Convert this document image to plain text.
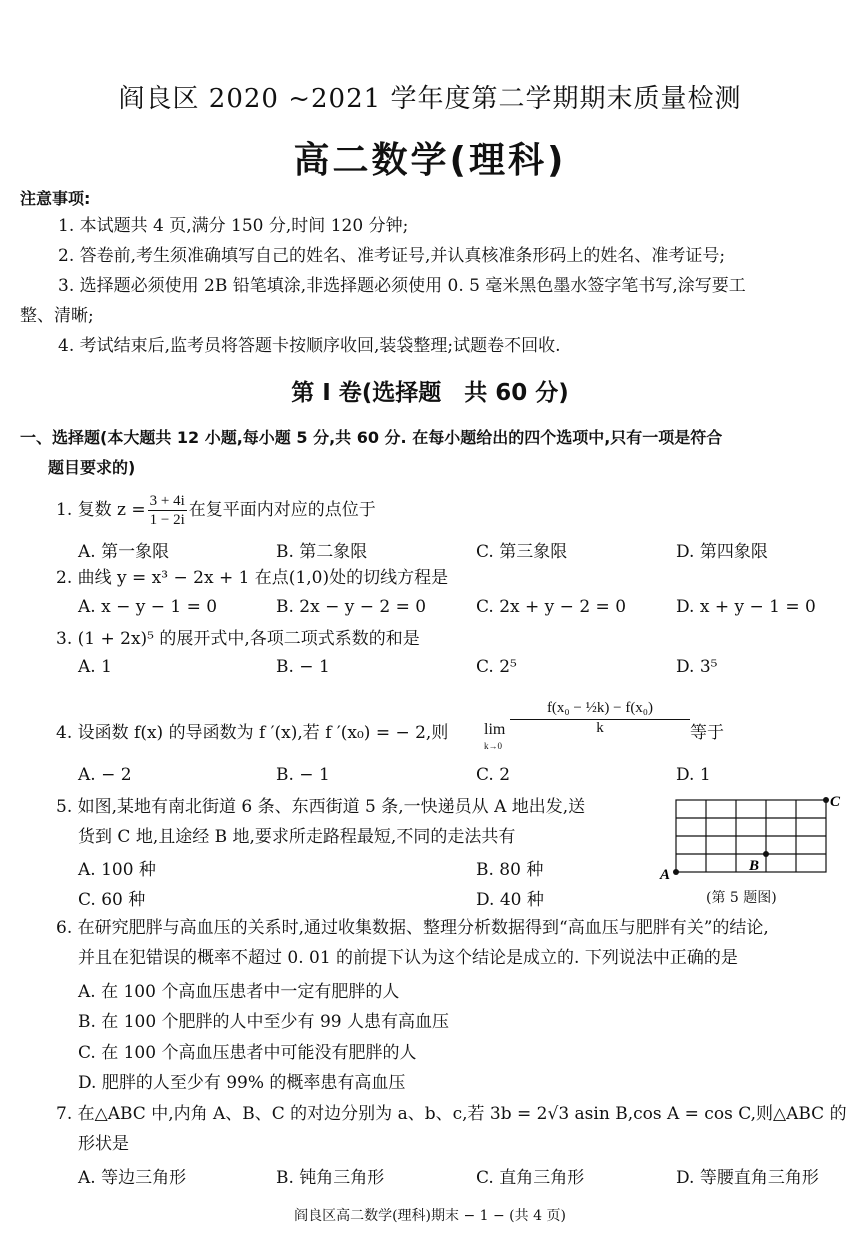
阎良区 2020 ~2021 学年度第二学期期末质量检测
高二数学(理科)
注意事项:
1. 本试题共 4 页,满分 150 分,时间 120 分钟;
2. 答卷前,考生须准确填写自己的姓名、准考证号,并认真核准条形码上的姓名、准考证号;
3. 选择题必须使用 2B 铅笔填涂,非选择题必须使用 0. 5 毫米黑色墨水签字笔书写,涂写要工
整、清晰;
4. 考试结束后,监考员将答题卡按顺序收回,装袋整理;试题卷不回收.
第 Ⅰ 卷(选择题　共 60 分)
一、选择题(本大题共 12 小题,每小题 5 分,共 60 分. 在每小题给出的四个选项中,只有一项是符合
题目要求的)
1. 复数 $z = \frac{3 + 4i}{1 - 2i}$ 在复平面内对应的点位于
A. 第一象限	B. 第二象限	C. 第三象限	D. 第四象限
2. 曲线 y = x³ − 2x + 1 在点(1,0)处的切线方程是
A. x − y − 1 = 0	B. 2x − y − 2 = 0	C. 2x + y − 2 = 0	D. x + y − 1 = 0
3. (1 + 2x)⁵ 的展开式中,各项二项式系数的和是
A. 1	B. − 1	C. 2⁵	D. 3⁵
4. 设函数 f(x) 的导函数为 f ′(x),若 f ′(x₀) = − 2,则 lim
k→0
$\frac{\text{f(x₀ − ½k) − f(x₀)}}{k}$ 等于
A. − 2	B. − 1	C. 2	D. 1
5. 如图,某地有南北街道 6 条、东西街道 5 条,一快递员从 A 地出发,送
货到 C 地,且途经 B 地,要求所走路程最短,不同的走法共有
A. 100 种	B. 80 种
C. 60 种	D. 40 种
A
B
C
(第 5 题图)
6. 在研究肥胖与高血压的关系时,通过收集数据、整理分析数据得到“高血压与肥胖有关”的结论,
并且在犯错误的概率不超过 0. 01 的前提下认为这个结论是成立的. 下列说法中正确的是
A. 在 100 个高血压患者中一定有肥胖的人
B. 在 100 个肥胖的人中至少有 99 人患有高血压
C. 在 100 个高血压患者中可能没有肥胖的人
D. 肥胖的人至少有 99% 的概率患有高血压
7. 在△ABC 中,内角 A、B、C 的对边分别为 a、b、c,若 3b = 2√3 asin B,cos A = cos C,则△ABC 的
形状是
A. 等边三角形	B. 钝角三角形	C. 直角三角形	D. 等腰直角三角形
阎良区高二数学(理科)期末 − 1 − (共 4 页)
